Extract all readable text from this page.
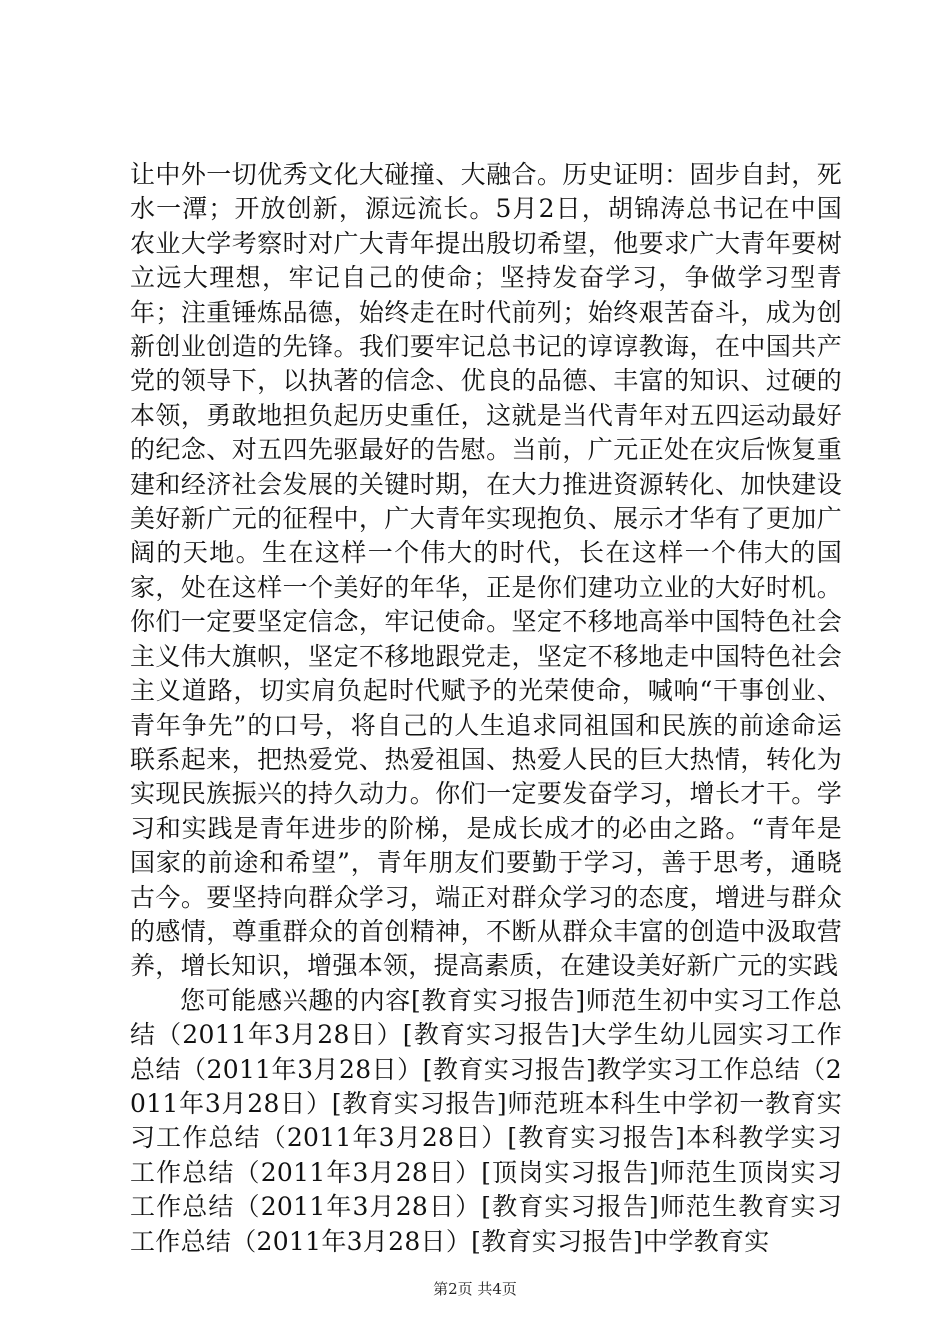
让中外一切优秀文化大碰撞、大融合。历史证明：固步自封，死水一潭；开放创新，源远流长。5月2日，胡锦涛总书记在中国农业大学考察时对广大青年提出殷切希望，他要求广大青年要树立远大理想，牢记自己的使命；坚持发奋学习，争做学习型青年；注重锤炼品德，始终走在时代前列；始终艰苦奋斗，成为创新创业创造的先锋。我们要牢记总书记的谆谆教诲，在中国共产党的领导下，以执著的信念、优良的品德、丰富的知识、过硬的本领，勇敢地担负起历史重任，这就是当代青年对五四运动最好的纪念、对五四先驱最好的告慰。当前，广元正处在灾后恢复重建和经济社会发展的关键时期，在大力推进资源转化、加快建设美好新广元的征程中，广大青年实现抱负、展示才华有了更加广阔的天地。生在这样一个伟大的时代，长在这样一个伟大的国家，处在这样一个美好的年华，正是你们建功立业的大好时机。你们一定要坚定信念，牢记使命。坚定不移地高举中国特色社会主义伟大旗帜，坚定不移地跟党走，坚定不移地走中国特色社会主义道路，切实肩负起时代赋予的光荣使命，喊响“干事创业、青年争先”的口号，将自己的人生追求同祖国和民族的前途命运联系起来，把热爱党、热爱祖国、热爱人民的巨大热情，转化为实现民族振兴的持久动力。你们一定要发奋学习，增长才干。学习和实践是青年进步的阶梯，是成长成才的必由之路。“青年是国家的前途和希望”，青年朋友们要勤于学习，善于思考，通晓古今。要坚持向群众学习，端正对群众学习的态度，增进与群众的感情，尊重群众的首创精神，不断从群众丰富的创造中汲取营养，增长知识，增强本领，提高素质，在建设美好新广元的实践

您可能感兴趣的内容[教育实习报告]师范生初中实习工作总结（2011年3月28日）[教育实习报告]大学生幼儿园实习工作总结（2011年3月28日）[教育实习报告]教学实习工作总结（2011年3月28日）[教育实习报告]师范班本科生中学初一教育实习工作总结（2011年3月28日）[教育实习报告]本科教学实习工作总结（2011年3月28日）[顶岗实习报告]师范生顶岗实习工作总结（2011年3月28日）[教育实习报告]师范生教育实习工作总结（2011年3月28日）[教育实习报告]中学教育实

第2页 共4页
